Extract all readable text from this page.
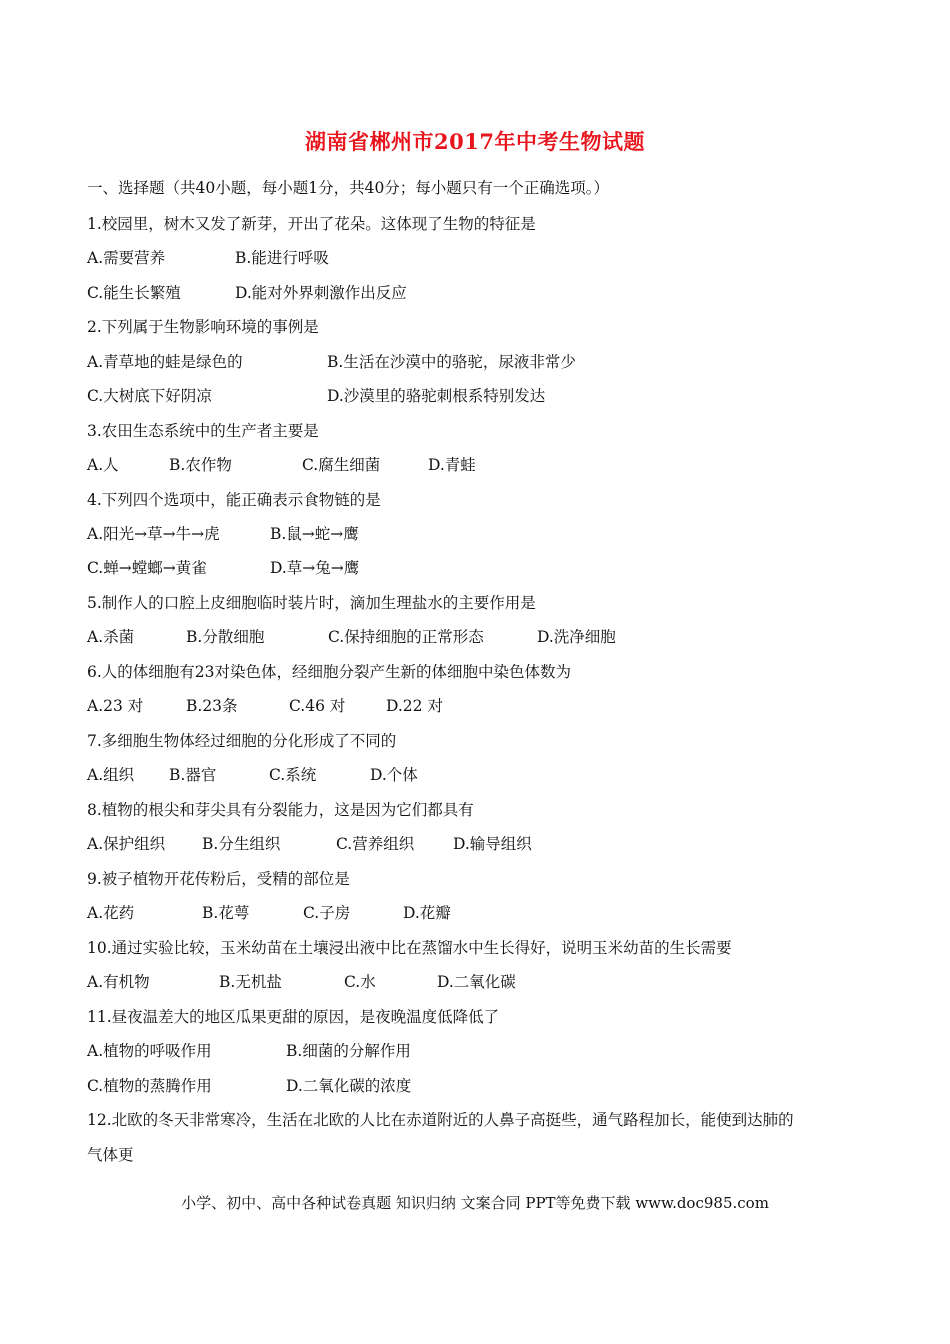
湖南省郴州市2017年中考生物试题
一、选择题（共40小题，每小题1分，共40分；每小题只有一个正确选项。）
1.校园里，树木又发了新芽，开出了花朵。这体现了生物的特征是
A.需要营养	B.能进行呼吸
C.能生长繁殖	D.能对外界刺激作出反应
2.下列属于生物影响环境的事例是
A.青草地的蛙是绿色的	B.生活在沙漠中的骆驼，尿液非常少
C.大树底下好阴凉	D.沙漠里的骆驼刺根系特别发达
3.农田生态系统中的生产者主要是
A.人	B.农作物	C.腐生细菌	D.青蛙
4.下列四个选项中，能正确表示食物链的是
A.阳光→草→牛→虎	B.鼠→蛇→鹰
C.蝉→螳螂→黄雀	D.草→兔→鹰
5.制作人的口腔上皮细胞临时装片时，滴加生理盐水的主要作用是
A.杀菌	B.分散细胞	C.保持细胞的正常形态	D.洗净细胞
6.人的体细胞有23对染色体，经细胞分裂产生新的体细胞中染色体数为
A.23 对	B.23条	C.46 对	D.22 对
7.多细胞生物体经过细胞的分化形成了不同的
A.组织 B.器官	C.系统	D.个体
8.植物的根尖和芽尖具有分裂能力，这是因为它们都具有
A.保护组织 B.分生组织	C.营养组织	D.输导组织
9.被子植物开花传粉后，受精的部位是
A.花药	B.花萼	C.子房	D.花瓣
10.通过实验比较，玉米幼苗在土壤浸出液中比在蒸馏水中生长得好，说明玉米幼苗的生长需要
A.有机物	B.无机盐	C.水	D.二氧化碳
11.昼夜温差大的地区瓜果更甜的原因，是夜晚温度低降低了
A.植物的呼吸作用	B.细菌的分解作用
C.植物的蒸腾作用	D.二氧化碳的浓度
12.北欧的冬天非常寒冷，生活在北欧的人比在赤道附近的人鼻子高挺些，通气路程加长，能使到达肺的
气体更
小学、初中、高中各种试卷真题 知识归纳 文案合同 PPT等免费下载 www.doc985.com
